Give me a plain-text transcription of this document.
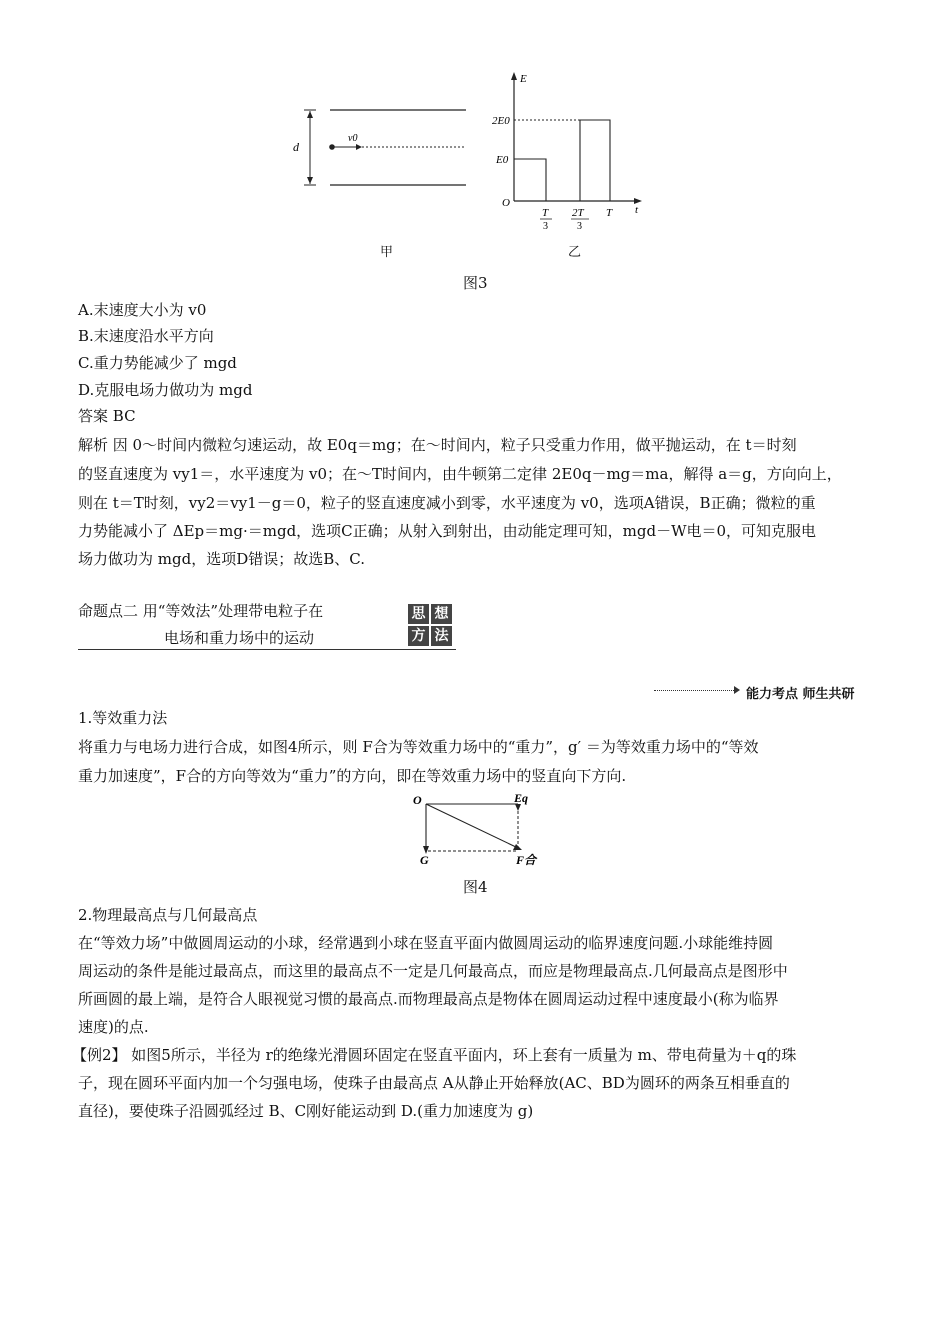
d
v0
E
t
O
2E0
E0
T
3
2T
3
T
甲	乙
图3
A.末速度大小为 v0
B.末速度沿水平方向
C.重力势能减少了 mgd
D.克服电场力做功为 mgd
答案 BC
解析 因 0～时间内微粒匀速运动，故 E0q＝mg；在～时间内，粒子只受重力作用，做平抛运动，在 t＝时刻
的竖直速度为 vy1＝，水平速度为 v0；在～T时间内，由牛顿第二定律 2E0q－mg＝ma，解得 a＝g，方向向上，
则在 t＝T时刻，vy2＝vy1－g＝0，粒子的竖直速度减小到零，水平速度为 v0，选项A错误，B正确；微粒的重
力势能减小了 ΔEp＝mg·＝mgd，选项C正确；从射入到射出，由动能定理可知，mgd－W电＝0，可知克服电
场力做功为 mgd，选项D错误；故选B、C.
命题点二 用“等效法”处理带电粒子在
电场和重力场中的运动
思 想 方 法
能力考点 师生共研
1.等效重力法
将重力与电场力进行合成，如图4所示，则 F合为等效重力场中的“重力”，g′ ＝为等效重力场中的“等效
重力加速度”，F合的方向等效为“重力”的方向，即在等效重力场中的竖直向下方向.
O	Eq
G	F合
图4
2.物理最高点与几何最高点
在“等效力场”中做圆周运动的小球，经常遇到小球在竖直平面内做圆周运动的临界速度问题.小球能维持圆
周运动的条件是能过最高点，而这里的最高点不一定是几何最高点，而应是物理最高点.几何最高点是图形中
所画圆的最上端，是符合人眼视觉习惯的最高点.而物理最高点是物体在圆周运动过程中速度最小(称为临界
速度)的点.
【例2】 如图5所示，半径为 r的绝缘光滑圆环固定在竖直平面内，环上套有一质量为 m、带电荷量为＋q的珠
子，现在圆环平面内加一个匀强电场，使珠子由最高点 A从静止开始释放(AC、BD为圆环的两条互相垂直的
直径)，要使珠子沿圆弧经过 B、C刚好能运动到 D.(重力加速度为 g)
